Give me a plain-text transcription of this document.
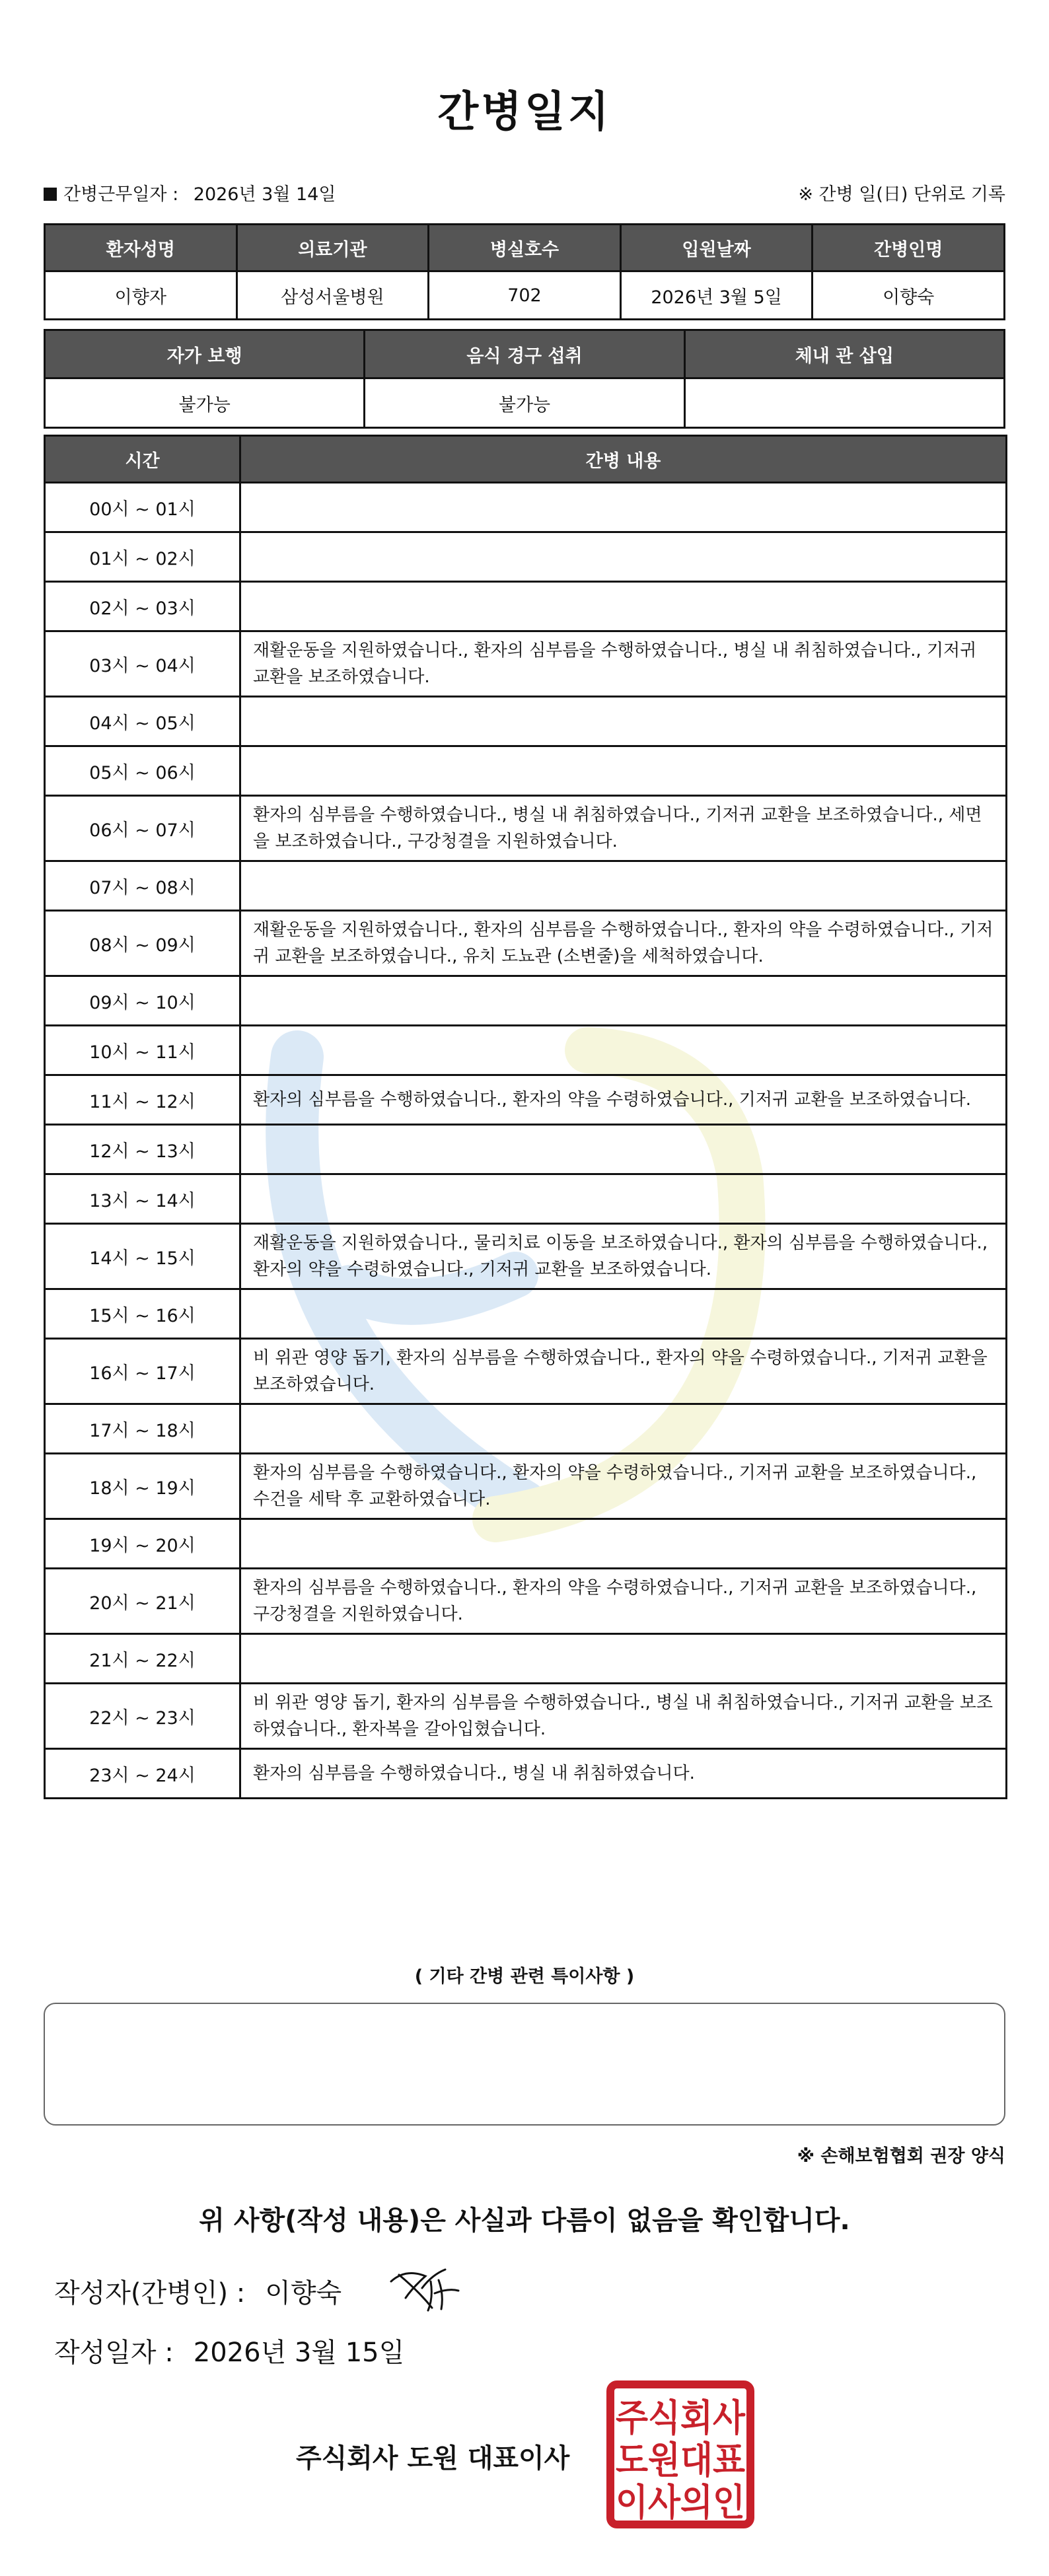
간병일지
간병근무일자 : 2026년 3월 14일	※ 간병 일(日) 단위로 기록
환자성명	의료기관	병실호수	입원날짜	간병인명
이향자	삼성서울병원	702	2026년 3월 5일	이향숙
자가 보행	음식 경구 섭취	체내 관 삽입
불가능	불가능	
시간	간병 내용
00시 ~ 01시	
01시 ~ 02시	
02시 ~ 03시	
03시 ~ 04시	재활운동을 지원하였습니다., 환자의 심부름을 수행하였습니다., 병실 내 취침하였습니다., 기저귀 교환을 보조하였습니다.
04시 ~ 05시	
05시 ~ 06시	
06시 ~ 07시	환자의 심부름을 수행하였습니다., 병실 내 취침하였습니다., 기저귀 교환을 보조하였습니다., 세면을 보조하였습니다., 구강청결을 지원하였습니다.
07시 ~ 08시	
08시 ~ 09시	재활운동을 지원하였습니다., 환자의 심부름을 수행하였습니다., 환자의 약을 수령하였습니다., 기저귀 교환을 보조하였습니다., 유치 도뇨관 (소변줄)을 세척하였습니다.
09시 ~ 10시	
10시 ~ 11시	
11시 ~ 12시	환자의 심부름을 수행하였습니다., 환자의 약을 수령하였습니다., 기저귀 교환을 보조하였습니다.
12시 ~ 13시	
13시 ~ 14시	
14시 ~ 15시	재활운동을 지원하였습니다., 물리치료 이동을 보조하였습니다., 환자의 심부름을 수행하였습니다., 환자의 약을 수령하였습니다., 기저귀 교환을 보조하였습니다.
15시 ~ 16시	
16시 ~ 17시	비 위관 영양 돕기, 환자의 심부름을 수행하였습니다., 환자의 약을 수령하였습니다., 기저귀 교환을 보조하였습니다.
17시 ~ 18시	
18시 ~ 19시	환자의 심부름을 수행하였습니다., 환자의 약을 수령하였습니다., 기저귀 교환을 보조하였습니다., 수건을 세탁 후 교환하였습니다.
19시 ~ 20시	
20시 ~ 21시	환자의 심부름을 수행하였습니다., 환자의 약을 수령하였습니다., 기저귀 교환을 보조하였습니다., 구강청결을 지원하였습니다.
21시 ~ 22시	
22시 ~ 23시	비 위관 영양 돕기, 환자의 심부름을 수행하였습니다., 병실 내 취침하였습니다., 기저귀 교환을 보조하였습니다., 환자복을 갈아입혔습니다.
23시 ~ 24시	환자의 심부름을 수행하였습니다., 병실 내 취침하였습니다.
( 기타 간병 관련 특이사항 )
※ 손해보험협회 권장 양식
위 사항(작성 내용)은 사실과 다름이 없음을 확인합니다.
작성자(간병인) : 이향숙
작성일자 : 2026년 3월 15일
주식회사 도원 대표이사
주식회사
도원대표
이사의인
